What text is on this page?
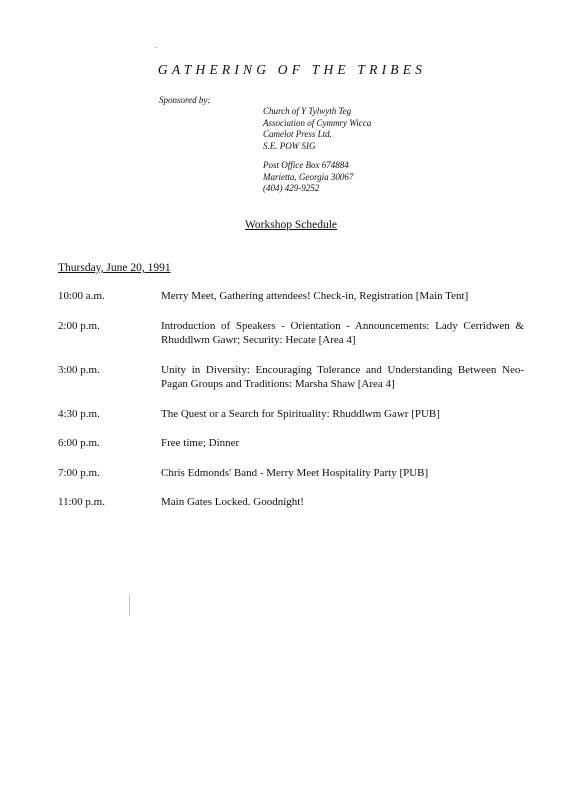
GATHERING OF THE TRIBES
Sponsored by:
Church of Y Tylwyth Teg
Association of Cymmry Wicca
Camelot Press Ltd.
S.E. POW SIG
Post Office Box 674884
Marietta, Georgia 30067
(404) 429-9252
Workshop Schedule
Thursday, June 20, 1991
10:00 a.m.	Merry Meet, Gathering attendees! Check-in, Registration [Main Tent]
2:00 p.m.	Introduction of Speakers - Orientation - Announcements: Lady Cerridwen & Rhuddlwm Gawr; Security: Hecate [Area 4]
3:00 p.m.	Unity in Diversity: Encouraging Tolerance and Understanding Between Neo-Pagan Groups and Traditions: Marsha Shaw [Area 4]
4:30 p.m.	The Quest or a Search for Spirituality: Rhuddlwm Gawr [PUB]
6:00 p.m.	Free time; Dinner
7:00 p.m.	Chris Edmonds' Band - Merry Meet Hospitality Party [PUB]
11:00 p.m.	Main Gates Locked. Goodnight!
